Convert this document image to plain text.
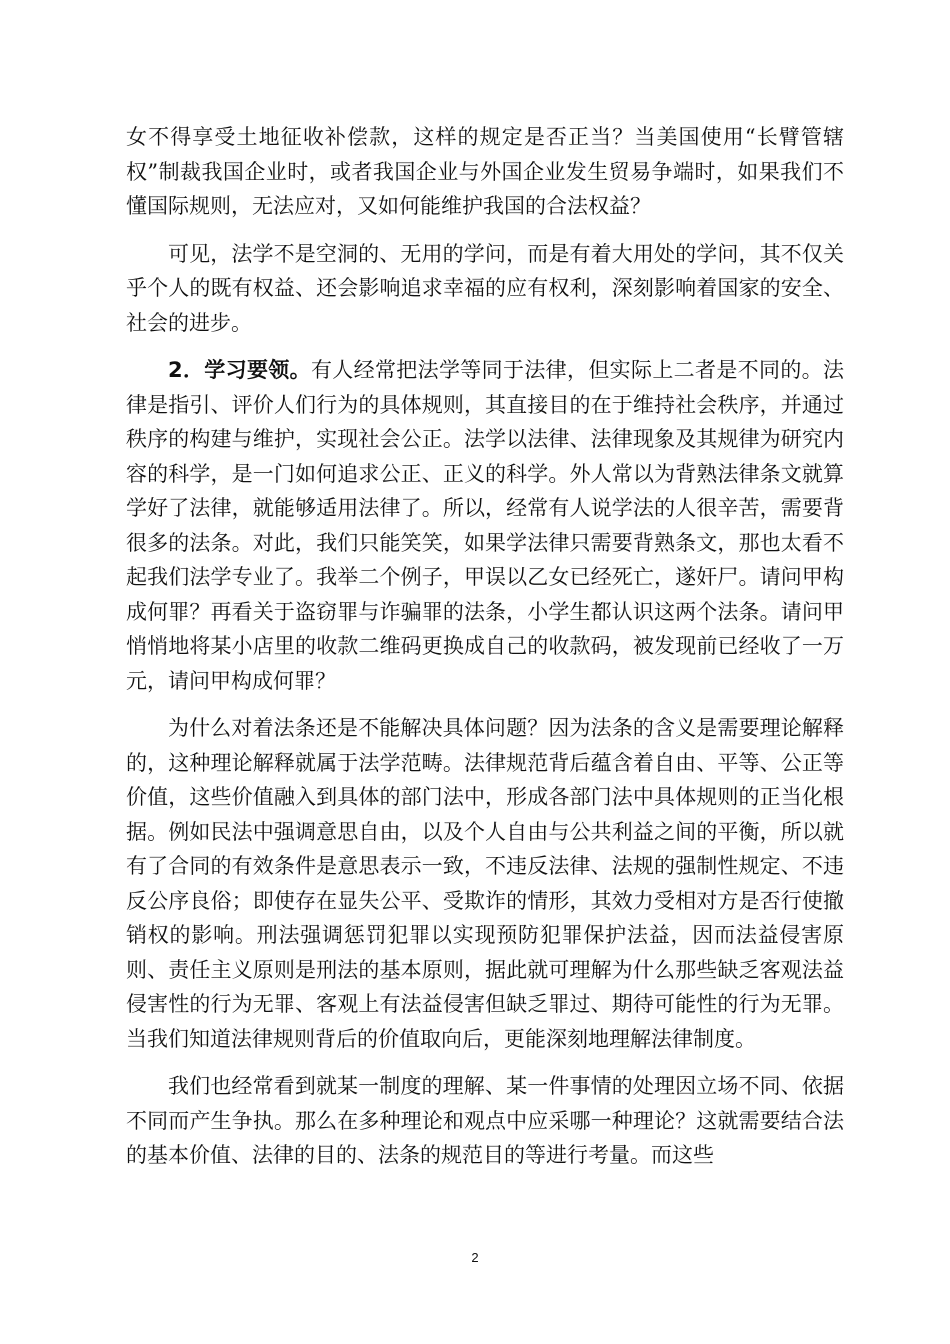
女不得享受土地征收补偿款，这样的规定是否正当？当美国使用“长臂管辖权”制裁我国企业时，或者我国企业与外国企业发生贸易争端时，如果我们不懂国际规则，无法应对，又如何能维护我国的合法权益？

可见，法学不是空洞的、无用的学问，而是有着大用处的学问，其不仅关乎个人的既有权益、还会影响追求幸福的应有权利，深刻影响着国家的安全、社会的进步。

2．学习要领。有人经常把法学等同于法律，但实际上二者是不同的。法律是指引、评价人们行为的具体规则，其直接目的在于维持社会秩序，并通过秩序的构建与维护，实现社会公正。法学以法律、法律现象及其规律为研究内容的科学，是一门如何追求公正、正义的科学。外人常以为背熟法律条文就算学好了法律，就能够适用法律了。所以，经常有人说学法的人很辛苦，需要背很多的法条。对此，我们只能笑笑，如果学法律只需要背熟条文，那也太看不起我们法学专业了。我举二个例子，甲误以乙女已经死亡，遂奸尸。请问甲构成何罪？再看关于盗窃罪与诈骗罪的法条，小学生都认识这两个法条。请问甲悄悄地将某小店里的收款二维码更换成自己的收款码，被发现前已经收了一万元，请问甲构成何罪？

为什么对着法条还是不能解决具体问题？因为法条的含义是需要理论解释的，这种理论解释就属于法学范畴。法律规范背后蕴含着自由、平等、公正等价值，这些价值融入到具体的部门法中，形成各部门法中具体规则的正当化根据。例如民法中强调意思自由，以及个人自由与公共利益之间的平衡，所以就有了合同的有效条件是意思表示一致，不违反法律、法规的强制性规定、不违反公序良俗；即使存在显失公平、受欺诈的情形，其效力受相对方是否行使撤销权的影响。刑法强调惩罚犯罪以实现预防犯罪保护法益，因而法益侵害原则、责任主义原则是刑法的基本原则，据此就可理解为什么那些缺乏客观法益侵害性的行为无罪、客观上有法益侵害但缺乏罪过、期待可能性的行为无罪。当我们知道法律规则背后的价值取向后，更能深刻地理解法律制度。

我们也经常看到就某一制度的理解、某一件事情的处理因立场不同、依据不同而产生争执。那么在多种理论和观点中应采哪一种理论？这就需要结合法的基本价值、法律的目的、法条的规范目的等进行考量。而这些

2
